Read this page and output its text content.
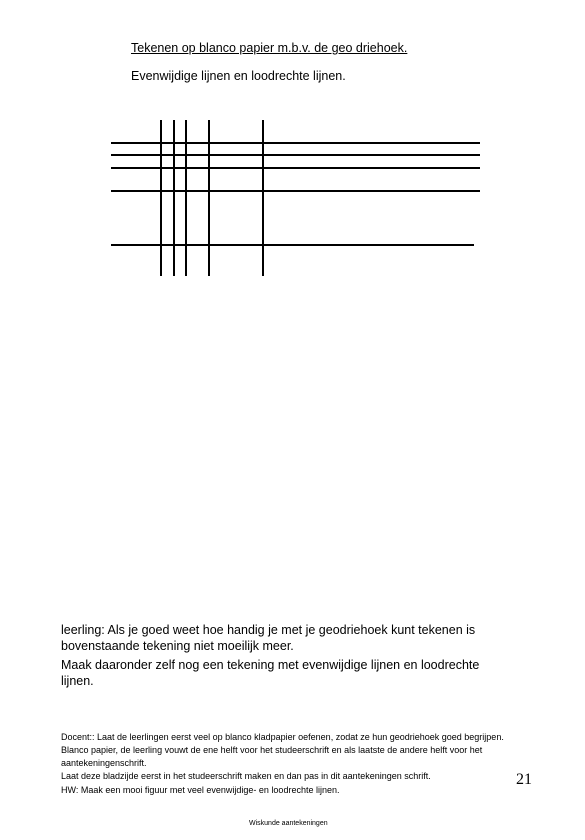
Tekenen op blanco papier m.b.v. de geo driehoek.
Evenwijdige lijnen en loodrechte lijnen.

leerling: Als je goed weet hoe handig je met je geodriehoek kunt tekenen is bovenstaande tekening niet moeilijk meer.

Maak daaronder zelf nog een tekening met evenwijdige lijnen en loodrechte lijnen.

Docent:: Laat de leerlingen eerst veel op blanco kladpapier oefenen, zodat ze hun geodriehoek goed begrijpen. Blanco papier, de leerling vouwt de ene helft voor het studeerschrift en als laatste de andere helft voor het aantekeningenschrift.

Laat deze bladzijde eerst in het studeerschrift maken en dan pas in dit aantekeningen schrift.

HW: Maak een mooi figuur met veel evenwijdige- en loodrechte lijnen.
21
Wiskunde aantekeningen
